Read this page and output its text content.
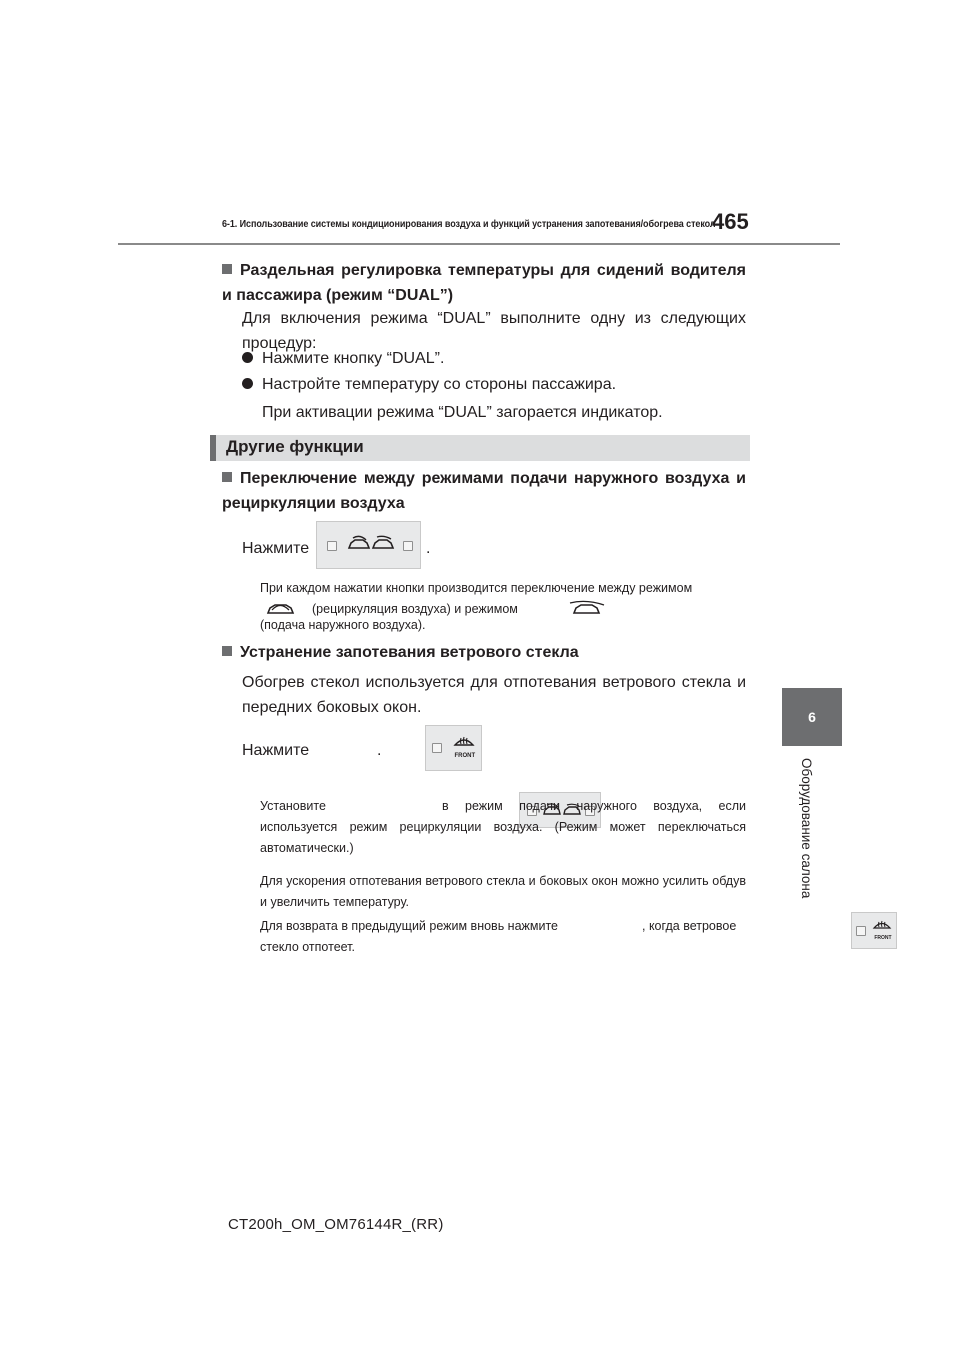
6-1. Использование системы кондиционирования воздуха и функций устранения запотевания/обогрева стекол
465
6
Оборудование салона
Раздельная регулировка температуры для сидений водителя и пассажира (режим “DUAL”)
Для включения режима “DUAL” выполните одну из следующих процедур:
Нажмите кнопку “DUAL”.
Настройте температуру со стороны пассажира.
При активации режима “DUAL” загорается индикатор.
Другие функции
Переключение между режимами подачи наружного воздуха и рециркуляции воздуха
Нажмите
	.
При каждом нажатии кнопки производится переключение между режимом
(рециркуляция воздуха) и режимом
(подача наружного воздуха).
Устранение запотевания ветрового стекла
Обогрев стекол используется для отпотевания ветрового стекла и передних боковых окон.
Нажмите	FRONT

.
Установите
	в режим подачи наружного воздуха, если используется режим рециркуляции воздуха. (Режим может переключаться автоматически.)
Для ускорения отпотевания ветрового стекла и боковых окон можно усилить обдув и увеличить температуру.
Для возврата в предыдущий режим вновь нажмите
FRONT
, когда ветровое
CT200h_OM_OM76144R_(RR)
стекло отпотеет.
